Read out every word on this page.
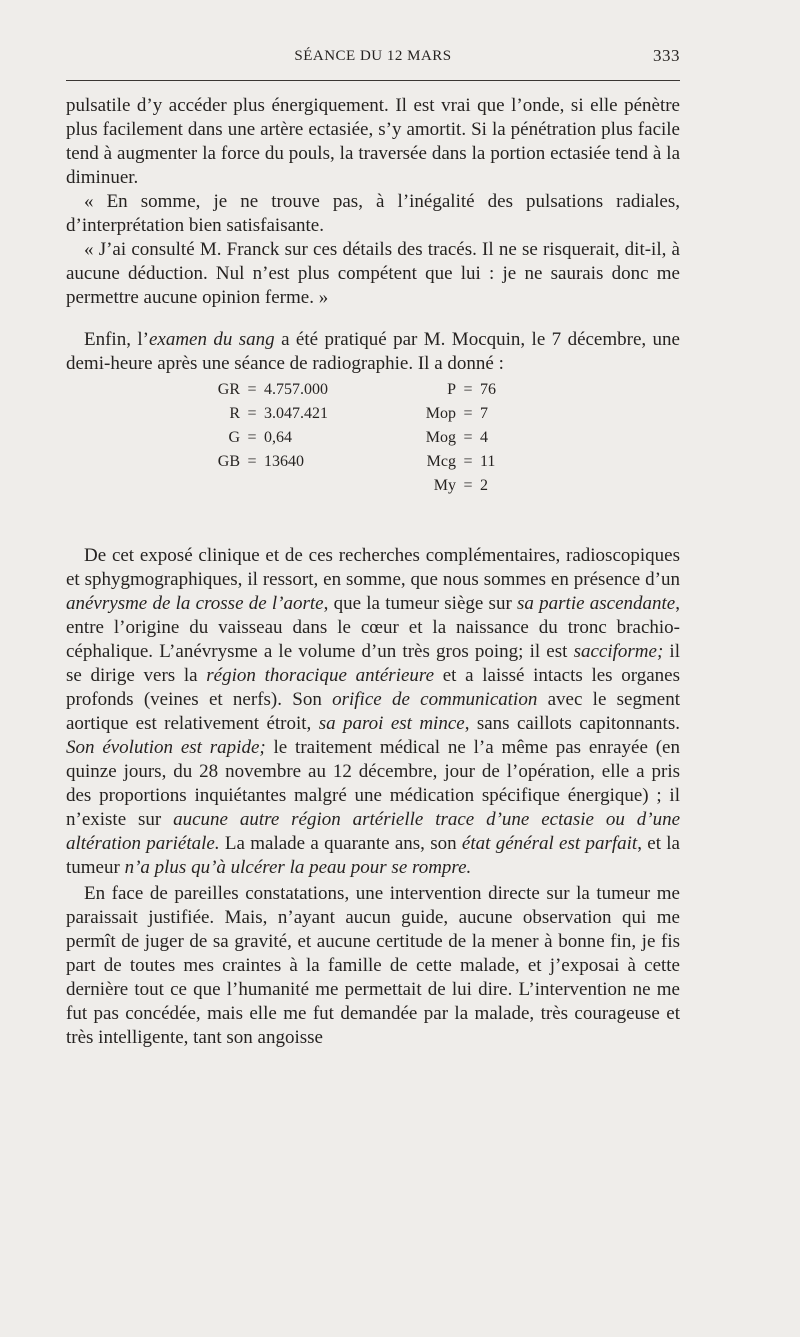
SÉANCE DU 12 MARS	333

pulsatile d’y accéder plus énergiquement. Il est vrai que l’onde, si elle pénètre plus facilement dans une artère ectasiée, s’y amortit. Si la pénétration plus facile tend à augmenter la force du pouls, la traversée dans la portion ectasiée tend à la diminuer.

« En somme, je ne trouve pas, à l’inégalité des pulsations radiales, d’interprétation bien satisfaisante.

« J’ai consulté M. Franck sur ces détails des tracés. Il ne se risquerait, dit-il, à aucune déduction. Nul n’est plus compétent que lui : je ne saurais donc me permettre aucune opinion ferme. »

Enfin, l’examen du sang a été pratiqué par M. Mocquin, le 7 décembre, une demi-heure après une séance de radiographie. Il a donné :

GR = 4.757.000
R = 3.047.421
G = 0,64
GB = 13640
P = 76
Mop = 7
Mog = 4
Mcg = 11
My = 2

De cet exposé clinique et de ces recherches complémentaires, radioscopiques et sphygmographiques, il ressort, en somme, que nous sommes en présence d’un anévrysme de la crosse de l’aorte, que la tumeur siège sur sa partie ascendante, entre l’origine du vaisseau dans le cœur et la naissance du tronc brachio-céphalique. L’anévrysme a le volume d’un très gros poing; il est sacciforme; il se dirige vers la région thoracique antérieure et a laissé intacts les organes profonds (veines et nerfs). Son orifice de communication avec le segment aortique est relativement étroit, sa paroi est mince, sans caillots capitonnants. Son évolution est rapide; le traitement médical ne l’a même pas enrayée (en quinze jours, du 28 novembre au 12 décembre, jour de l’opération, elle a pris des proportions inquiétantes malgré une médication spécifique énergique) ; il n’existe sur aucune autre région artérielle trace d’une ectasie ou d’une altération pariétale. La malade a quarante ans, son état général est parfait, et la tumeur n’a plus qu’à ulcérer la peau pour se rompre.

En face de pareilles constatations, une intervention directe sur la tumeur me paraissait justifiée. Mais, n’ayant aucun guide, aucune observation qui me permît de juger de sa gravité, et aucune certitude de la mener à bonne fin, je fis part de toutes mes craintes à la famille de cette malade, et j’exposai à cette dernière tout ce que l’humanité me permettait de lui dire. L’intervention ne me fut pas concédée, mais elle me fut demandée par la malade, très courageuse et très intelligente, tant son angoisse
